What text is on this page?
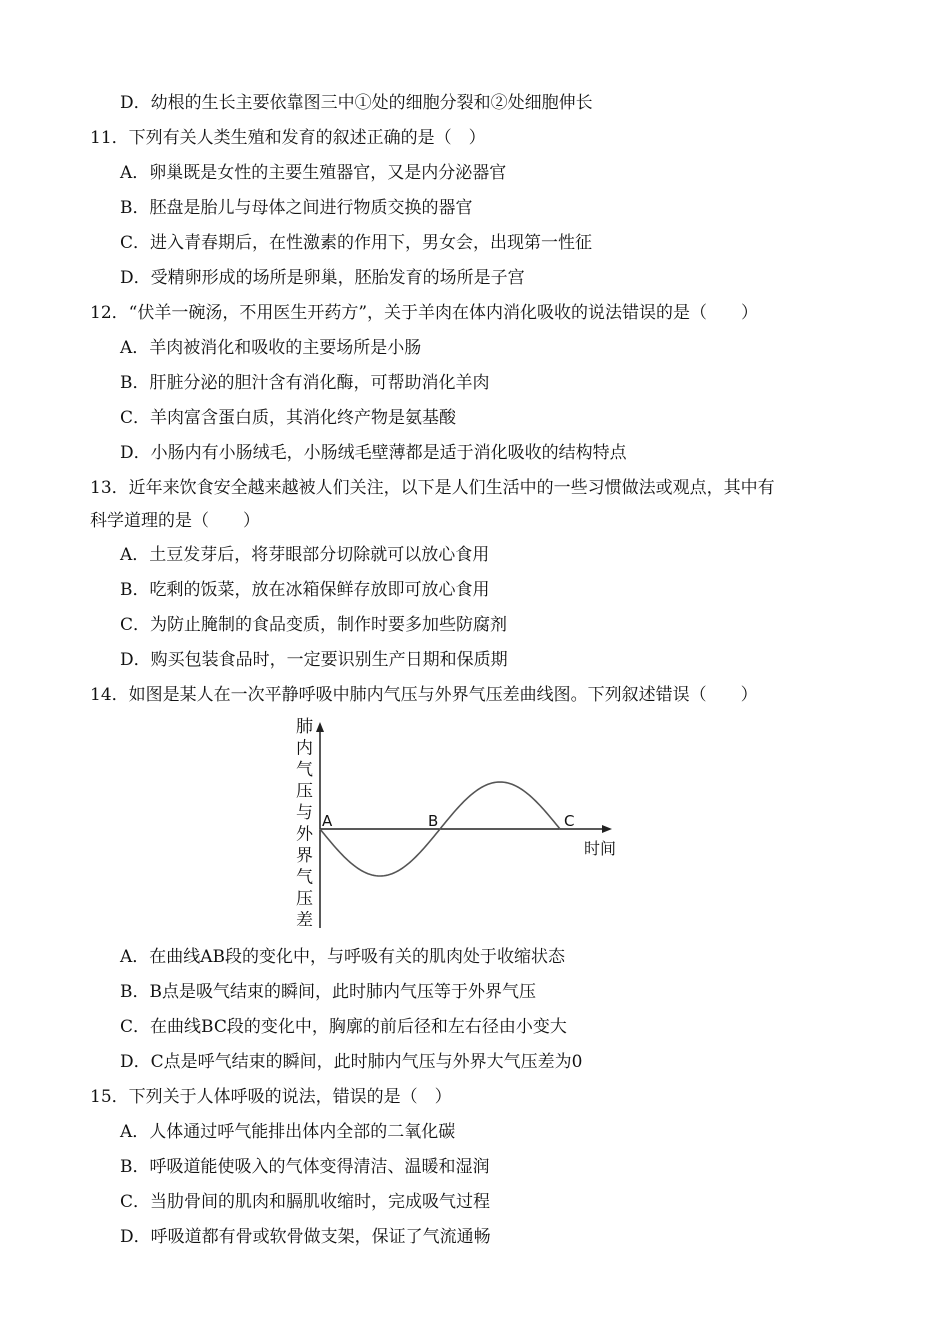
D．幼根的生长主要依靠图三中①处的细胞分裂和②处细胞伸长
11．下列有关人类生殖和发育的叙述正确的是（　）
A．卵巢既是女性的主要生殖器官，又是内分泌器官
B．胚盘是胎儿与母体之间进行物质交换的器官
C．进入青春期后，在性激素的作用下，男女会，出现第一性征
D．受精卵形成的场所是卵巢，胚胎发育的场所是子宫
12．“伏羊一碗汤，不用医生开药方”，关于羊肉在体内消化吸收的说法错误的是（　　）
A．羊肉被消化和吸收的主要场所是小肠
B．肝脏分泌的胆汁含有消化酶，可帮助消化羊肉
C．羊肉富含蛋白质，其消化终产物是氨基酸
D．小肠内有小肠绒毛，小肠绒毛壁薄都是适于消化吸收的结构特点
13．近年来饮食安全越来越被人们关注，以下是人们生活中的一些习惯做法或观点，其中有
科学道理的是（　　）
A．土豆发芽后，将芽眼部分切除就可以放心食用
B．吃剩的饭菜，放在冰箱保鲜存放即可放心食用
C．为防止腌制的食品变质，制作时要多加些防腐剂
D．购买包装食品时，一定要识别生产日期和保质期
14．如图是某人在一次平静呼吸中肺内气压与外界气压差曲线图。下列叙述错误（　　）
肺
内
气
压
与
外
界
气
压
差
时间
A	B	C
A．在曲线AB段的变化中，与呼吸有关的肌肉处于收缩状态
B．B点是吸气结束的瞬间，此时肺内气压等于外界气压
C．在曲线BC段的变化中，胸廓的前后径和左右径由小变大
D．C点是呼气结束的瞬间，此时肺内气压与外界大气压差为0
15．下列关于人体呼吸的说法，错误的是（　）
A．人体通过呼气能排出体内全部的二氧化碳
B．呼吸道能使吸入的气体变得清洁、温暖和湿润
C．当肋骨间的肌肉和膈肌收缩时，完成吸气过程
D．呼吸道都有骨或软骨做支架，保证了气流通畅
